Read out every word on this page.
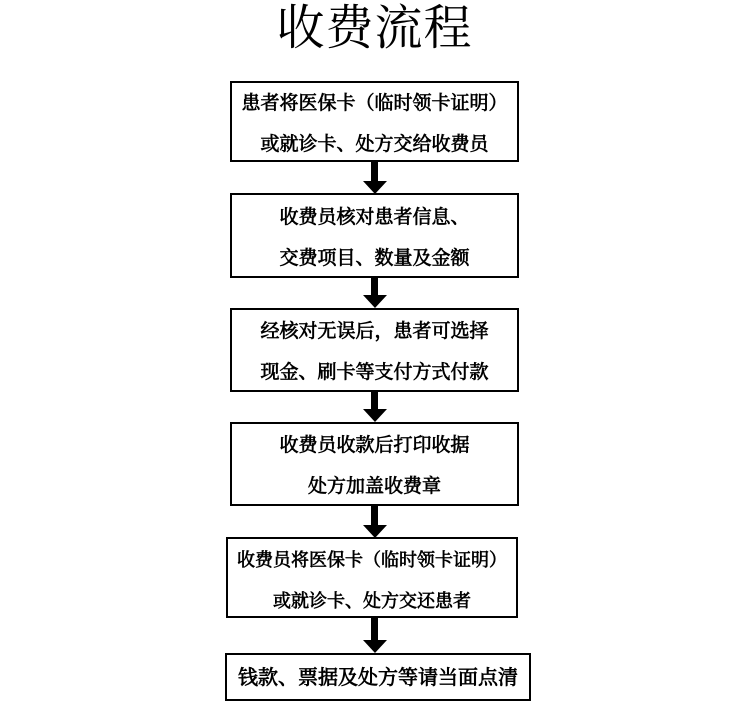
收费流程
患者将医保卡（临时领卡证明）
或就诊卡、处方交给收费员
收费员核对患者信息、
交费项目、数量及金额
经核对无误后，患者可选择
现金、刷卡等支付方式付款
收费员收款后打印收据
处方加盖收费章
收费员将医保卡（临时领卡证明）
或就诊卡、处方交还患者
钱款、票据及处方等请当面点清
